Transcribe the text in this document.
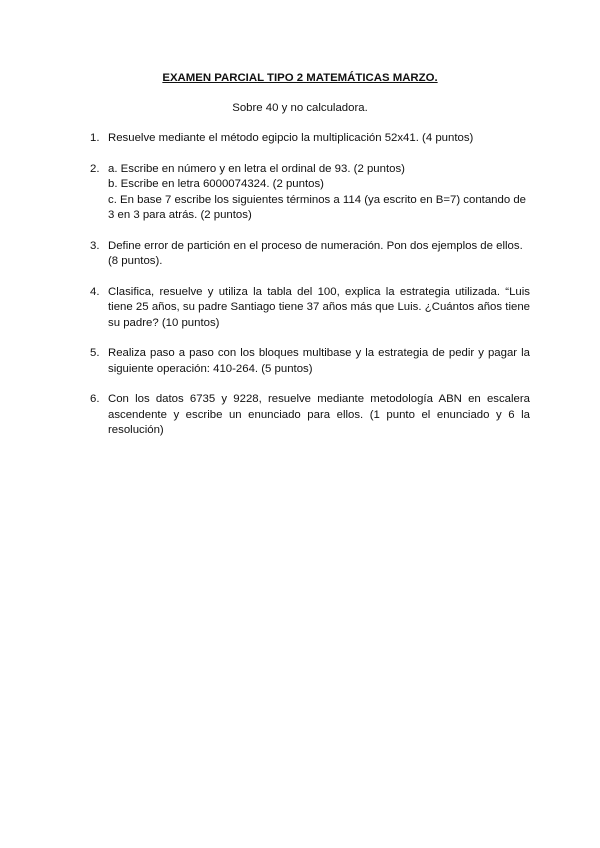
EXAMEN PARCIAL TIPO 2 MATEMÁTICAS MARZO.
Sobre 40 y no calculadora.
1. Resuelve mediante el método egipcio la multiplicación 52x41. (4 puntos)
2. a. Escribe en número y en letra el ordinal de 93. (2 puntos)
b. Escribe en letra 6000074324. (2 puntos)
c. En base 7 escribe los siguientes términos a 114 (ya escrito en B=7) contando de 3 en 3 para atrás. (2 puntos)
3. Define error de partición en el proceso de numeración. Pon dos ejemplos de ellos. (8 puntos).
4. Clasifica, resuelve y utiliza la tabla del 100, explica la estrategia utilizada. “Luis tiene 25 años, su padre Santiago tiene 37 años más que Luis. ¿Cuántos años tiene su padre? (10 puntos)
5. Realiza paso a paso con los bloques multibase y la estrategia de pedir y pagar la siguiente operación: 410-264. (5 puntos)
6. Con los datos 6735 y 9228, resuelve mediante metodología ABN en escalera ascendente y escribe un enunciado para ellos. (1 punto el enunciado y 6 la resolución)
